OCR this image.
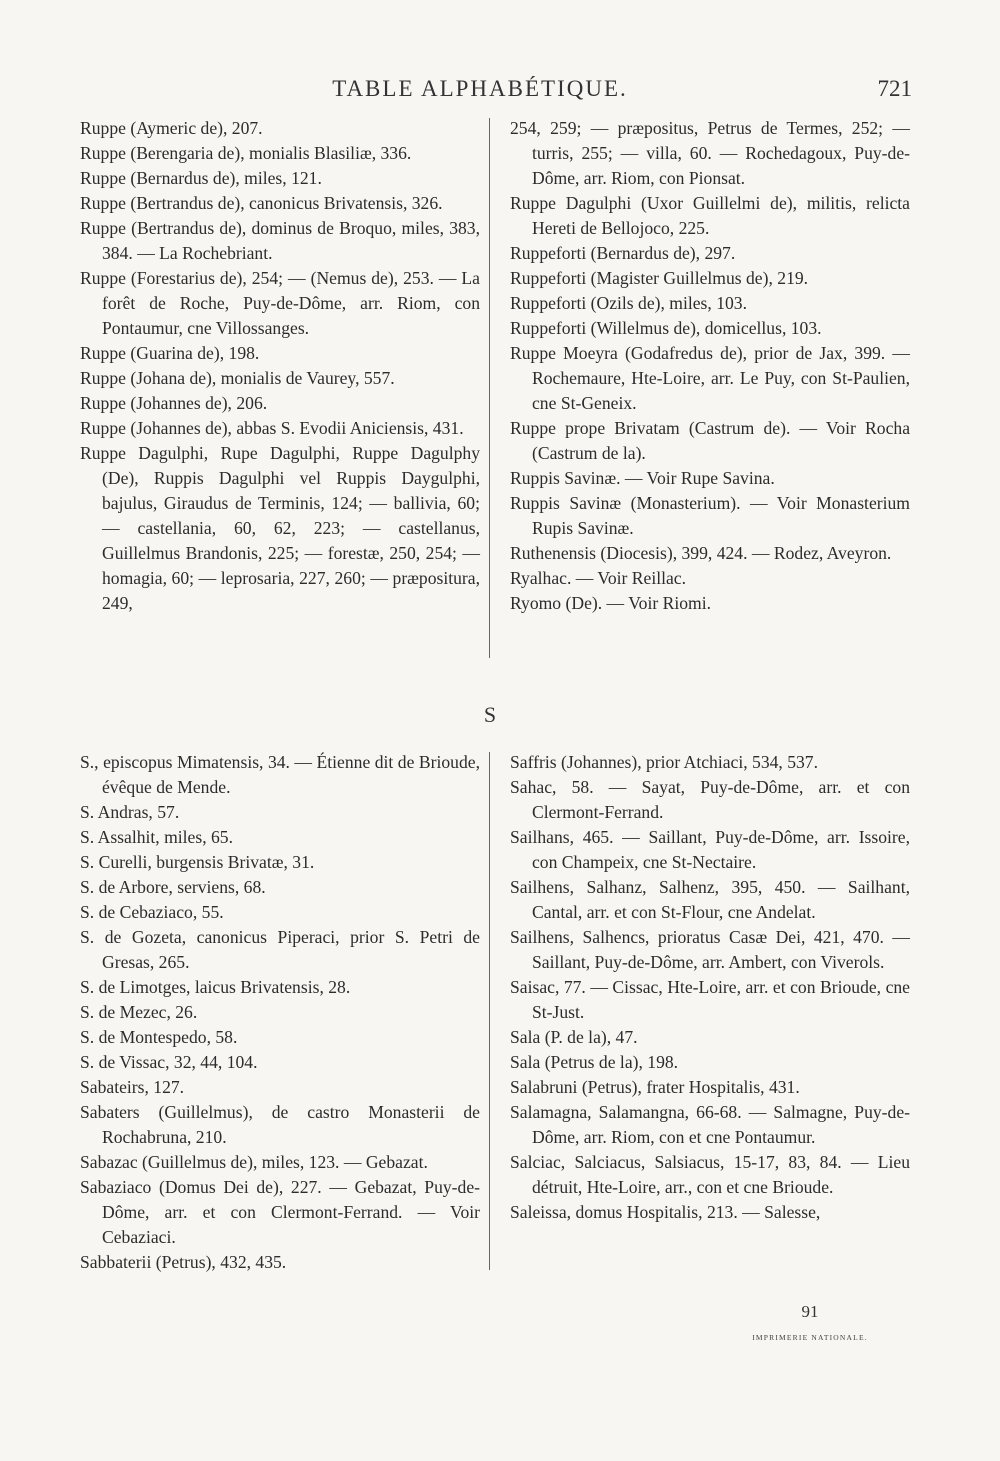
TABLE ALPHABÉTIQUE.	721
Ruppe (Aymeric de), 207.
Ruppe (Berengaria de), monialis Blasiliæ, 336.
Ruppe (Bernardus de), miles, 121.
Ruppe (Bertrandus de), canonicus Brivatensis, 326.
Ruppe (Bertrandus de), dominus de Broquo, miles, 383, 384. — La Rochebriant.
Ruppe (Forestarius de), 254; — (Nemus de), 253. — La forêt de Roche, Puy-de-Dôme, arr. Riom, con Pontaumur, cne Villossanges.
Ruppe (Guarina de), 198.
Ruppe (Johana de), monialis de Vaurey, 557.
Ruppe (Johannes de), 206.
Ruppe (Johannes de), abbas S. Evodii Aniciensis, 431.
Ruppe Dagulphi, Rupe Dagulphi, Ruppe Dagulphy (De), Ruppis Dagulphi vel Ruppis Daygulphi, bajulus, Giraudus de Terminis, 124; — ballivia, 60; — castellania, 60, 62, 223; — castellanus, Guillelmus Brandonis, 225; — forestæ, 250, 254; — homagia, 60; — leprosaria, 227, 260; — præpositura, 249,
254, 259; — præpositus, Petrus de Termes, 252; — turris, 255; — villa, 60. — Rochedagoux, Puy-de-Dôme, arr. Riom, con Pionsat.
Ruppe Dagulphi (Uxor Guillelmi de), militis, relicta Hereti de Bellojoco, 225.
Ruppeforti (Bernardus de), 297.
Ruppeforti (Magister Guillelmus de), 219.
Ruppeforti (Ozils de), miles, 103.
Ruppeforti (Willelmus de), domicellus, 103.
Ruppe Moeyra (Godafredus de), prior de Jax, 399. — Rochemaure, Hte-Loire, arr. Le Puy, con St-Paulien, cne St-Geneix.
Ruppe prope Brivatam (Castrum de). — Voir Rocha (Castrum de la).
Ruppis Savinæ. — Voir Rupe Savina.
Ruppis Savinæ (Monasterium). — Voir Monasterium Rupis Savinæ.
Ruthenensis (Diocesis), 399, 424. — Rodez, Aveyron.
Ryalhac. — Voir Reillac.
Ryomo (De). — Voir Riomi.
S
S., episcopus Mimatensis, 34. — Étienne dit de Brioude, évêque de Mende.
S. Andras, 57.
S. Assalhit, miles, 65.
S. Curelli, burgensis Brivatæ, 31.
S. de Arbore, serviens, 68.
S. de Cebaziaco, 55.
S. de Gozeta, canonicus Piperaci, prior S. Petri de Gresas, 265.
S. de Limotges, laicus Brivatensis, 28.
S. de Mezec, 26.
S. de Montespedo, 58.
S. de Vissac, 32, 44, 104.
Sabateirs, 127.
Sabaters (Guillelmus), de castro Monasterii de Rochabruna, 210.
Sabazac (Guillelmus de), miles, 123. — Gebazat.
Sabaziaco (Domus Dei de), 227. — Gebazat, Puy-de-Dôme, arr. et con Clermont-Ferrand. — Voir Cebaziaci.
Sabbaterii (Petrus), 432, 435.
Saffris (Johannes), prior Atchiaci, 534, 537.
Sahac, 58. — Sayat, Puy-de-Dôme, arr. et con Clermont-Ferrand.
Sailhans, 465. — Saillant, Puy-de-Dôme, arr. Issoire, con Champeix, cne St-Nectaire.
Sailhens, Salhanz, Salhenz, 395, 450. — Sailhant, Cantal, arr. et con St-Flour, cne Andelat.
Sailhens, Salhencs, prioratus Casæ Dei, 421, 470. — Saillant, Puy-de-Dôme, arr. Ambert, con Viverols.
Saisac, 77. — Cissac, Hte-Loire, arr. et con Brioude, cne St-Just.
Sala (P. de la), 47.
Sala (Petrus de la), 198.
Salabruni (Petrus), frater Hospitalis, 431.
Salamagna, Salamangna, 66-68. — Salmagne, Puy-de-Dôme, arr. Riom, con et cne Pontaumur.
Salciac, Salciacus, Salsiacus, 15-17, 83, 84. — Lieu détruit, Hte-Loire, arr., con et cne Brioude.
Saleissa, domus Hospitalis, 213. — Salesse,
91
IMPRIMERIE NATIONALE.
